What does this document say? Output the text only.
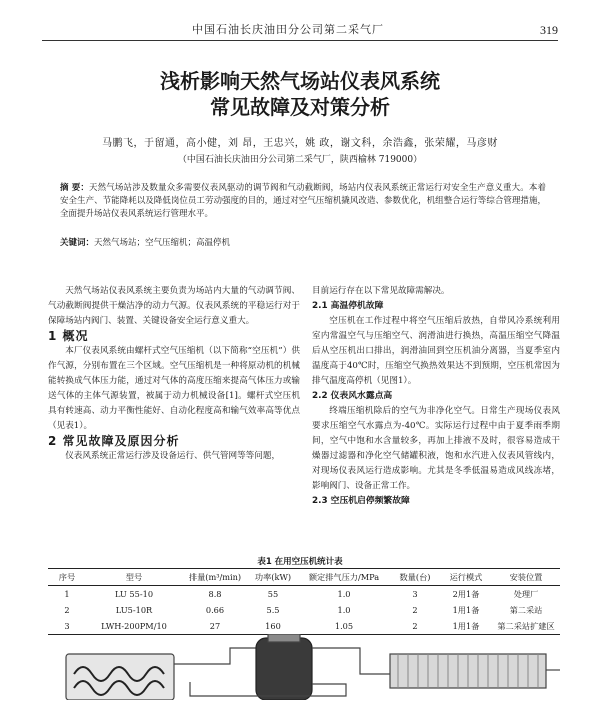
中国石油长庆油田分公司第二采气厂	319
浅析影响天然气场站仪表风系统
常见故障及对策分析
马鹏飞，于留通，高小健，刘 昂，王忠兴，姚 政，谢文科，余浩鑫，张荣耀，马彦财
（中国石油长庆油田分公司第二采气厂，陕西榆林 719000）
摘 要：天然气场站涉及数量众多需要仪表风驱动的调节阀和气动截断阀，场站内仪表风系统正常运行对安全生产意义重大。本着安全生产、节能降耗以及降低岗位员工劳动强度的目的，通过对空气压缩机撬风改造、参数优化，机组整合运行等综合管理措施，全面提升场站仪表风系统运行管理水平。
关键词：天然气场站；空气压缩机；高温停机

天然气场站仪表风系统主要负责为场站内大量的气动调节阀、气动截断阀提供干燥洁净的动力气源。仪表风系统的平稳运行对于保障场站内阀门、装置、关键设备安全运行意义重大。

1 概况

本厂仪表风系统由螺杆式空气压缩机（以下简称“空压机”）供作气源，分别布置在三个区域。空气压缩机是一种将原动机的机械能转换成气体压力能，通过对气体的高度压缩来提高气体压力或输送气体的主体气源装置，被属于动力机械设备[1]。螺杆式空压机具有转速高、动力平衡性能好、自动化程度高和输气效率高等优点（见表1）。

2 常见故障及原因分析

仪表风系统正常运行涉及设备运行、供气管网等等问题，

目前运行存在以下常见故障需解决。

2.1 高温停机故障

空压机在工作过程中将空气压缩后放热，自带风冷系统利用室内常温空气与压缩空气、润滑油进行换热，高温压缩空气降温后从空压机出口排出，润滑油回到空压机油分离器，当夏季室内温度高于40℃时，压缩空气换热效果达不到预期，空压机常因为排气温度高停机（见图1）。

2.2 仪表风水露点高

终端压缩机除后的空气为非净化空气。日常生产现场仪表风要求压缩空气水露点为-40℃。实际运行过程中由于夏季雨季期间，空气中饱和水含量较多，再加上排液不及时，很容易造成干燥器过滤器和净化空气储罐积液，饱和水汽进入仪表风管线内，对现场仪表风运行造成影响。尤其是冬季低温易造成风线冻堵，影响阀门、设备正常工作。

2.3 空压机启停频繁故障

表1 在用空压机统计表
序号	型号	排量(m³/min)	功率(kW)	额定排气压力/MPa	数量(台)	运行模式	安装位置
1	LU 55-10	8.8	55	1.0	3	2用1备	处理厂
2	LU5-10R	0.66	5.5	1.0	2	1用1备	第二采站
3	LWH-200PM/10	27	160	1.05	2	1用1备	第二采站扩建区
